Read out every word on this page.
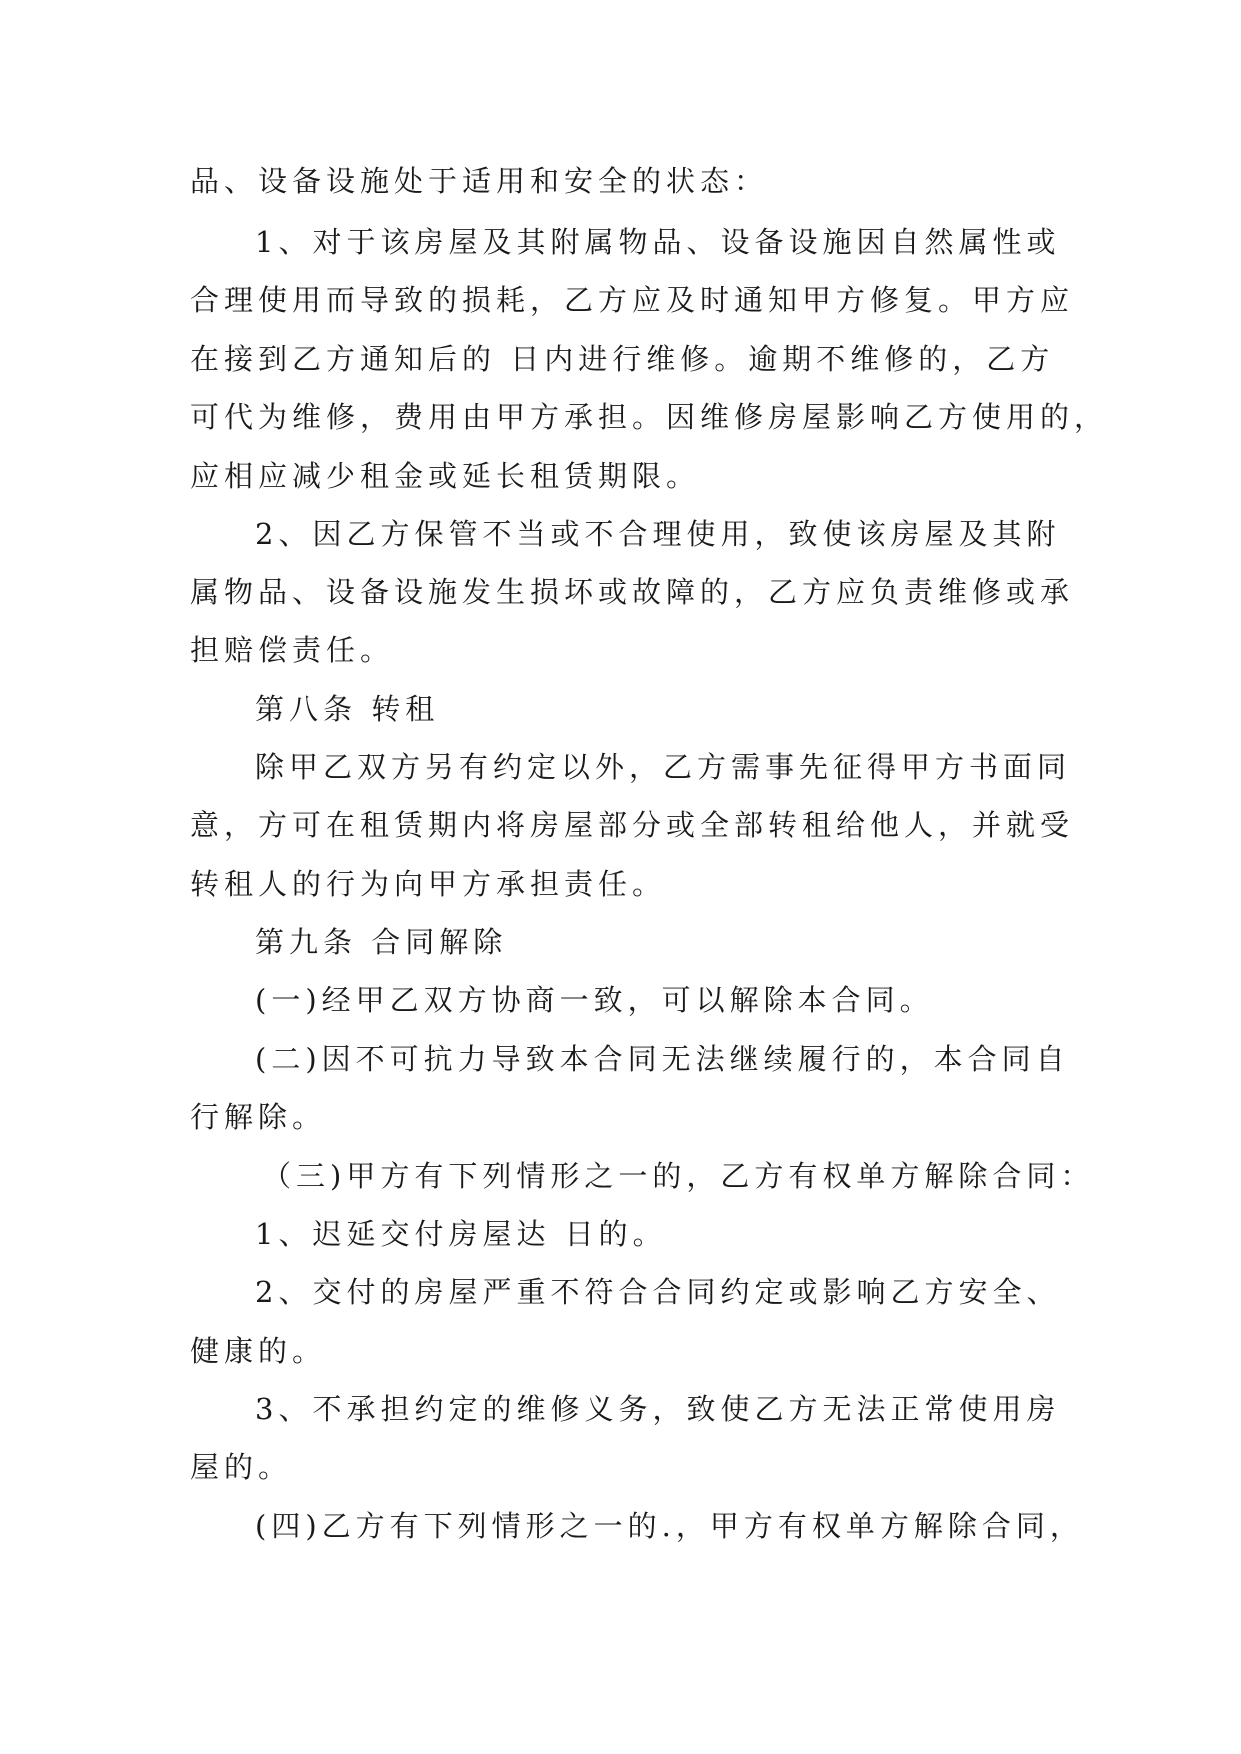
品、设备设施处于适用和安全的状态：
1、对于该房屋及其附属物品、设备设施因自然属性或
合理使用而导致的损耗，乙方应及时通知甲方修复。甲方应
在接到乙方通知后的 日内进行维修。逾期不维修的，乙方
可代为维修，费用由甲方承担。因维修房屋影响乙方使用的，
应相应减少租金或延长租赁期限。
2、因乙方保管不当或不合理使用，致使该房屋及其附
属物品、设备设施发生损坏或故障的，乙方应负责维修或承
担赔偿责任。
第八条 转租
除甲乙双方另有约定以外，乙方需事先征得甲方书面同
意，方可在租赁期内将房屋部分或全部转租给他人，并就受
转租人的行为向甲方承担责任。
第九条 合同解除
(一)经甲乙双方协商一致，可以解除本合同。
(二)因不可抗力导致本合同无法继续履行的，本合同自
行解除。
（三)甲方有下列情形之一的，乙方有权单方解除合同：
1、迟延交付房屋达 日的。
2、交付的房屋严重不符合合同约定或影响乙方安全、
健康的。
3、不承担约定的维修义务，致使乙方无法正常使用房
屋的。
(四)乙方有下列情形之一的.，甲方有权单方解除合同，
